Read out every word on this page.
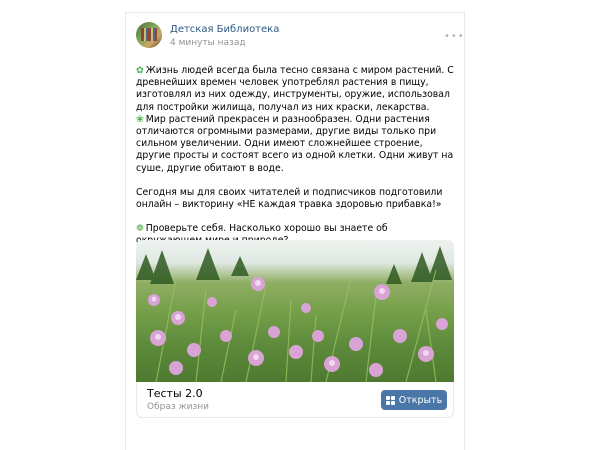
Детская Библиотека
4 минуты назад
•••

✿ Жизнь людей всегда была тесно связана с миром растений. С древнейших времен человек употреблял растения в пищу, изготовлял из них одежду, инструменты, оружие, использовал для постройки жилища, получал из них краски, лекарства.

❀ Мир растений прекрасен и разнообразен. Одни растения отличаются огромными размерами, другие виды только при сильном увеличении. Одни имеют сложнейшее строение, другие просты и состоят всего из одной клетки. Одни живут на суше, другие обитают в воде.

Сегодня мы для своих читателей и подписчиков подготовили онлайн – викторину «НЕ каждая травка здоровью прибавка!»

❁ Проверьте себя. Насколько хорошо вы знаете об

Тесты 2.0
Образ жизни
Открыть
